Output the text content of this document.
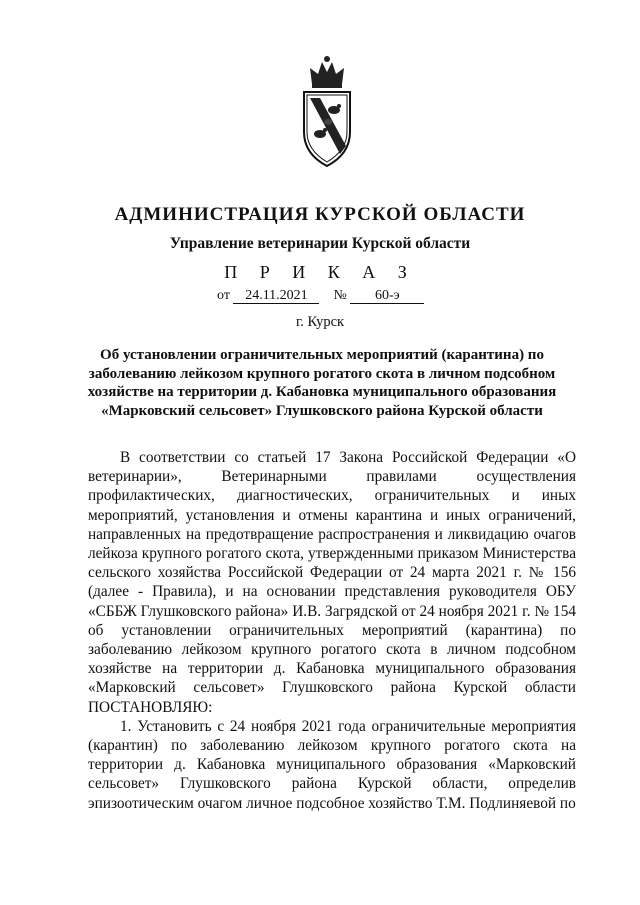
АДМИНИСТРАЦИЯ КУРСКОЙ ОБЛАСТИ
Управление ветеринарии Курской области
П Р И К А З
от 24.11.2021 № 60-э
г. Курск
Об установлении ограничительных мероприятий (карантина) по заболеванию лейкозом крупного рогатого скота в личном подсобном хозяйстве на территории д. Кабановка муниципального образования «Марковский сельсовет» Глушковского района Курской области

В соответствии со статьей 17 Закона Российской Федерации «О ветеринарии», Ветеринарными правилами осуществления профилактических, диагностических, ограничительных и иных мероприятий, установления и отмены карантина и иных ограничений, направленных на предотвращение распространения и ликвидацию очагов лейкоза крупного рогатого скота, утвержденными приказом Министерства сельского хозяйства Российской Федерации от 24 марта 2021 г. № 156 (далее - Правила), и на основании представления руководителя ОБУ «СББЖ Глушковского района» И.В. Загрядской от 24 ноября 2021 г. № 154 об установлении ограничительных мероприятий (карантина) по заболеванию лейкозом крупного рогатого скота в личном подсобном хозяйстве на территории д. Кабановка муниципального образования «Марковский сельсовет» Глушковского района Курской области ПОСТАНОВЛЯЮ:

1. Установить с 24 ноября 2021 года ограничительные мероприятия (карантин) по заболеванию лейкозом крупного рогатого скота на территории д. Кабановка муниципального образования «Марковский сельсовет» Глушковского района Курской области, определив эпизоотическим очагом личное подсобное хозяйство Т.М. Подлиняевой по
